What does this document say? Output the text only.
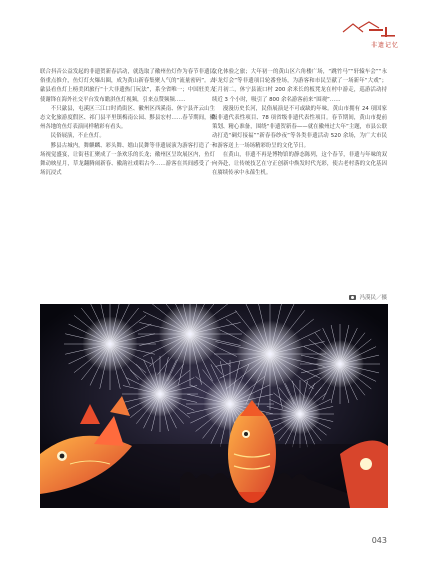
非遗记忆

联合抖音公益发起的非遗贺新春活动，就选取了徽州鱼灯作为春节非遗民俗重点推介，鱼灯灯火爆出圈，成为黄山新春集聚人气的“流量密码”。去歙县看鱼灯上榜美团旅行“十大非遗热门玩法”，系全省唯一；中国驻美大使谢锋在海外社交平台发布瞻淇鱼灯视频，引来点赞频频……

不只歙县，屯溪区三江口时尚街区、徽州区西溪南、休宁县齐云山生态文化旅游度假区、祁门县平里镇梅南公园、黟县宏村……春节期间，徽州各地的鱼灯表演同样精彩有看头。

民俗展演，不止鱼灯。

黟县古城内，舞麒麟、彩头舞、嬉山民舞等非遗展演为游客打造了一场视觉盛宴，让街巷汇聚成了一条欢乐的长龙；徽州区呈坎展区内，鱼灯舞动映星月，草龙翻腾闹新春、徽韵社戏唱古今……游客在其间感受了一场沉浸式

文化体验之旅；大年初一的黄山区六角楼广场，“跳竹马”“轩辕车会”“永丰龙灯会”等非遗项目轮番登场，为游客和市民呈献了一场新年“大戏”；正月初二，休宁县流口村 200 余米长的板凳龙在村中游走，巡游活动持续近 3 个小时，吸引了 800 余名游客前来“围观”……

漫漫历史长河，民俗展演是不可或缺的年味。黄山市拥有 24 项国家级非遗代表性项目、78 项省级非遗代表性项目。春节期间，黄山市提前策划、精心准备，围绕“非遗贺新春——就在徽州过大年”主题，市县公联动打造“碉灯接福”“新春春纱夜”等各类非遗活动 520 余场，为广大市民和游客送上一场场精彩纷呈的文化节日。

在黄山，非遗不再是博物馆的静态陈列，这个春节，非遗与年味的双向奔赴，让传统技艺在守正创新中焕发时代光彩，使古老村落的文化基因在赓续传承中永葆生机。

冯漠民／摄
043
